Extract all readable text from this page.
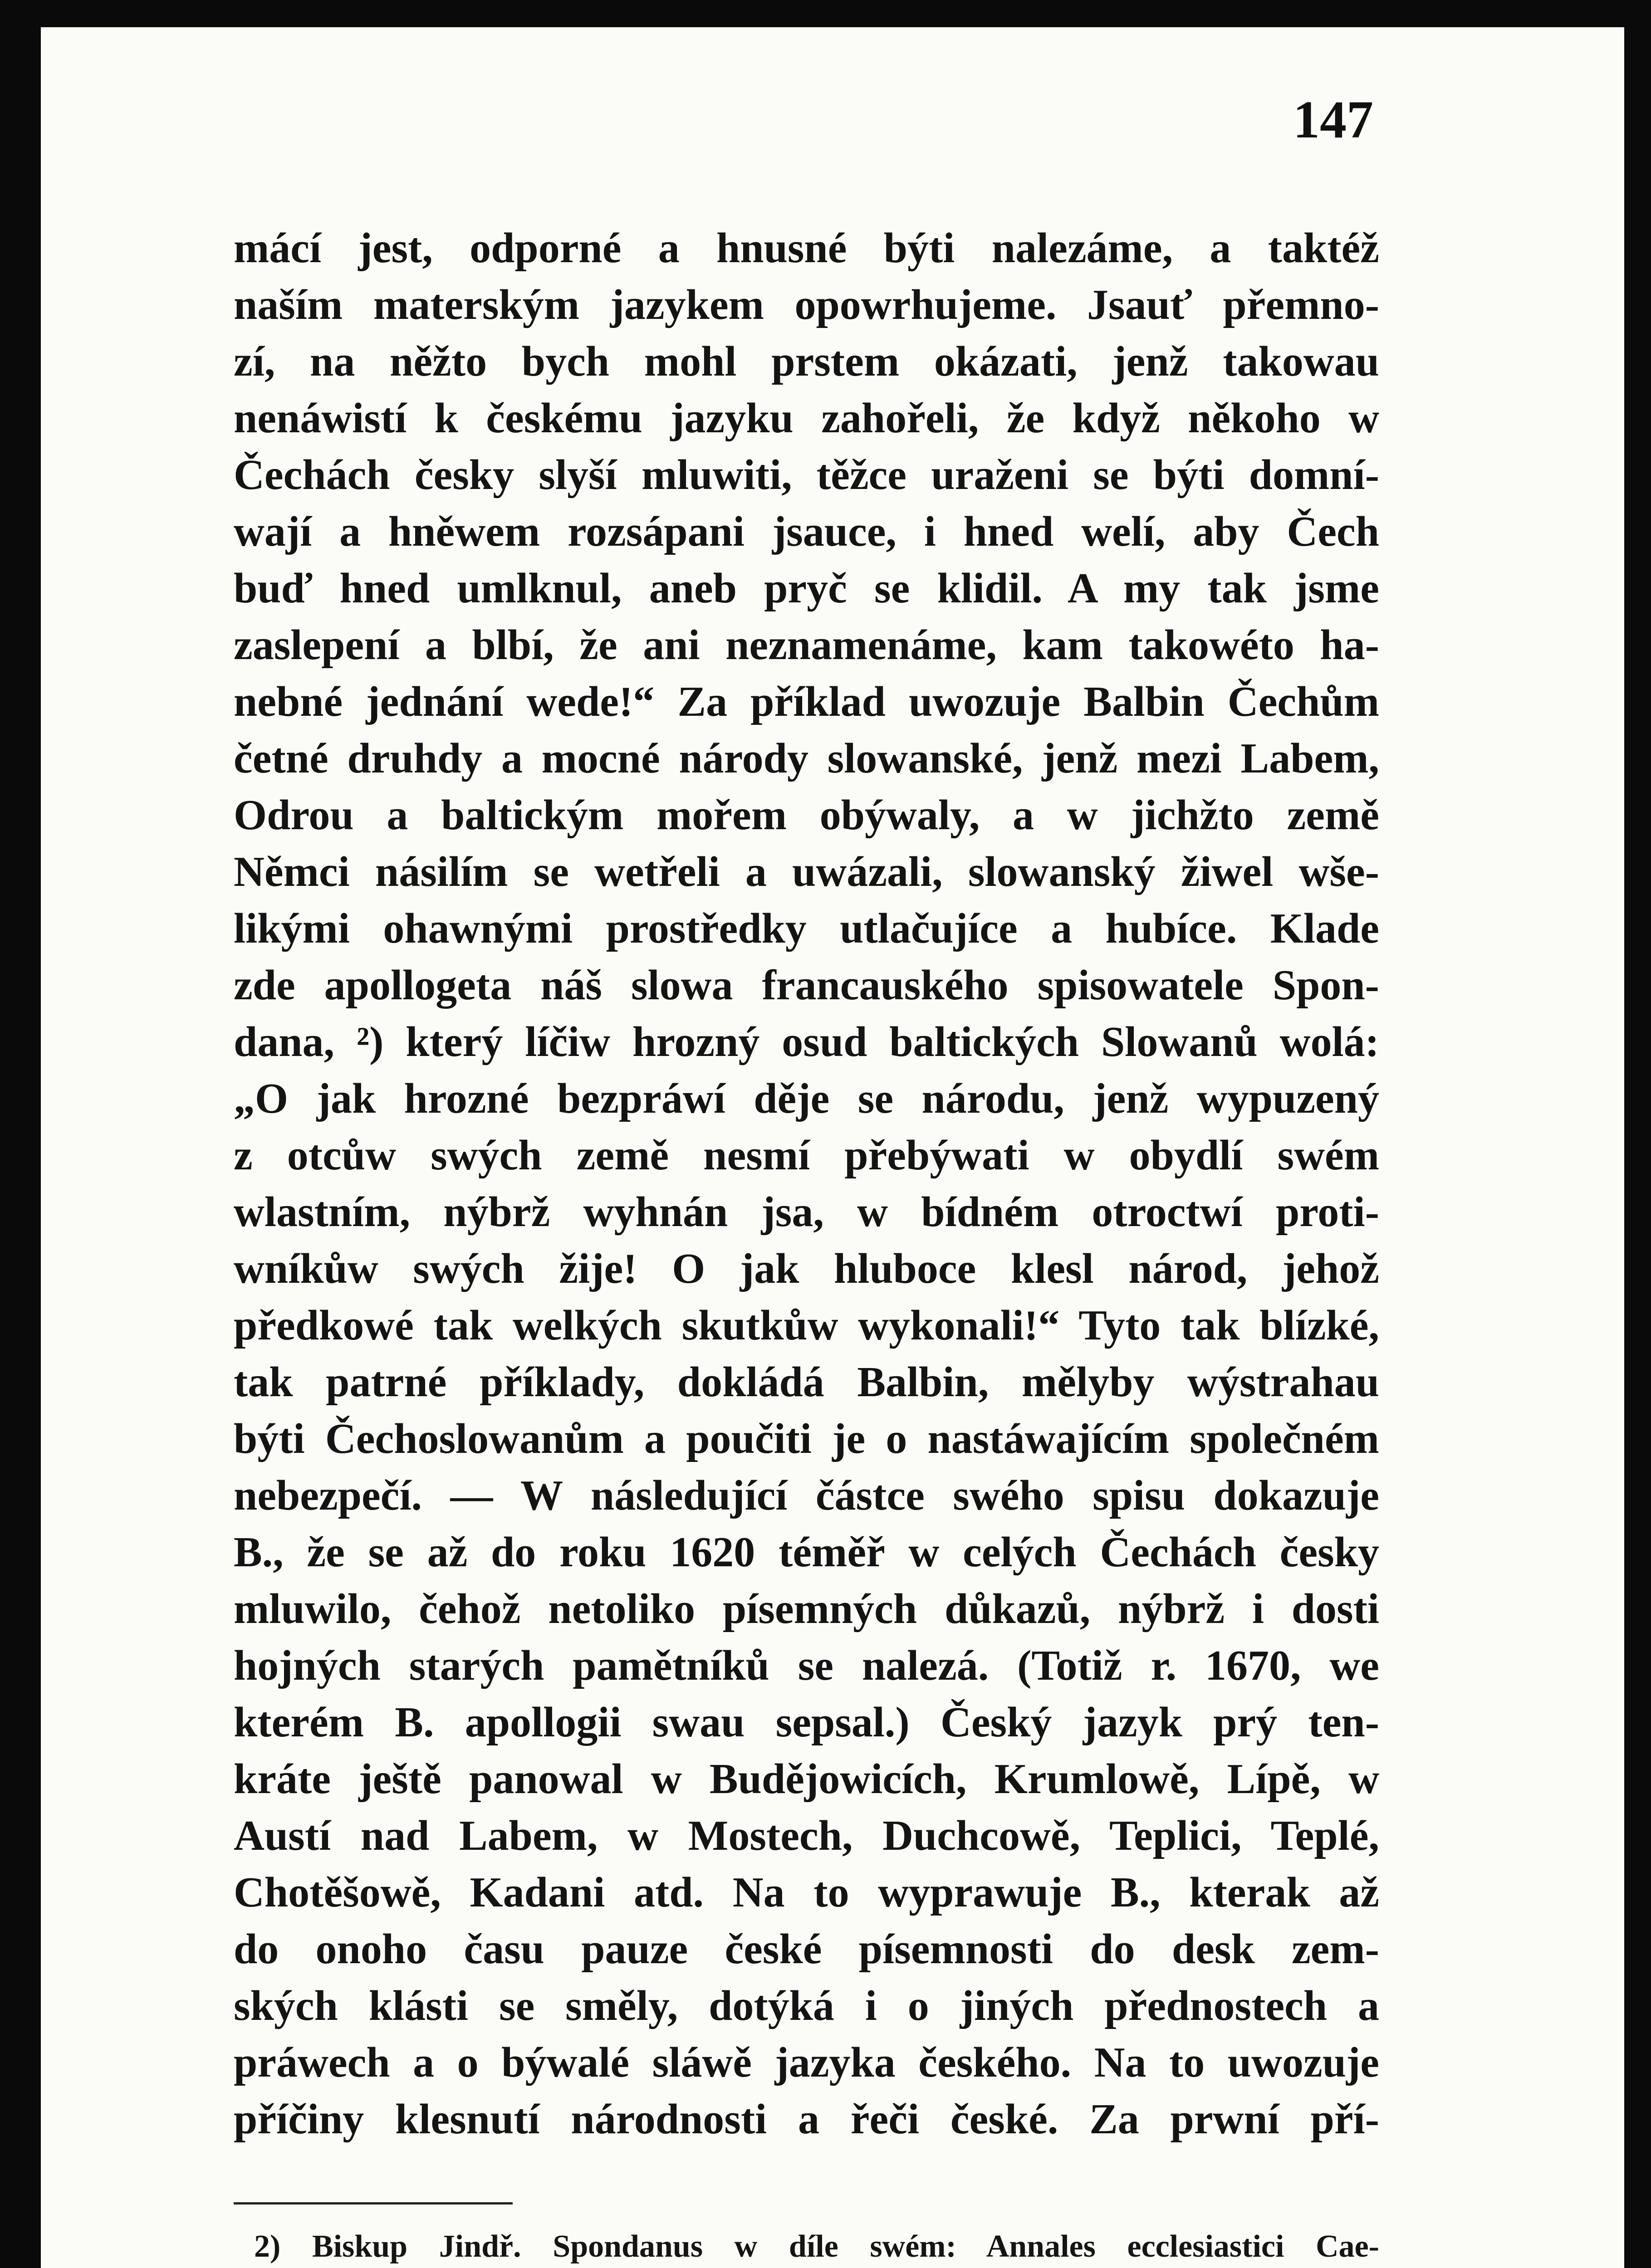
147
mácí jest, odporné a hnusné býti nalezáme, a taktéž
naším materským jazykem opowrhujeme. Jsauť přemno-
zí, na něžto bych mohl prstem okázati, jenž takowau
nenáwistí k českému jazyku zahořeli, že když někoho w
Čechách česky slyší mluwiti, těžce uraženi se býti domní-
wají a hněwem rozsápani jsauce, i hned welí, aby Čech
buď hned umlknul, aneb pryč se klidil. A my tak jsme
zaslepení a blbí, že ani neznamenáme, kam takowéto ha-
nebné jednání wede!“ Za příklad uwozuje Balbin Čechům
četné druhdy a mocné národy slowanské, jenž mezi Labem,
Odrou a baltickým mořem obýwaly, a w jichžto země
Němci násilím se wetřeli a uwázali, slowanský žiwel wše-
likými ohawnými prostředky utlačujíce a hubíce. Klade
zde apollogeta náš slowa francauského spisowatele Spon-
dana, ²) který líčiw hrozný osud baltických Slowanů wolá:
„O jak hrozné bezpráwí děje se národu, jenž wypuzený
z otcůw swých země nesmí přebýwati w obydlí swém
wlastním, nýbrž wyhnán jsa, w bídném otroctwí proti-
wníkůw swých žije! O jak hluboce klesl národ, jehož
předkowé tak welkých skutkůw wykonali!“ Tyto tak blízké,
tak patrné příklady, dokládá Balbin, mělyby wýstrahau
býti Čechoslowanům a poučiti je o nastáwajícím společném
nebezpečí. — W následující částce swého spisu dokazuje
B., že se až do roku 1620 téměř w celých Čechách česky
mluwilo, čehož netoliko písemných důkazů, nýbrž i dosti
hojných starých pamětníků se nalezá. (Totiž r. 1670, we
kterém B. apollogii swau sepsal.) Český jazyk prý ten-
kráte ještě panowal w Budějowicích, Krumlowě, Lípě, w
Austí nad Labem, w Mostech, Duchcowě, Teplici, Teplé,
Chotěšowě, Kadani atd. Na to wyprawuje B., kterak až
do onoho času pauze české písemnosti do desk zem-
ských klásti se směly, dotýká i o jiných přednostech a
práwech a o býwalé sláwě jazyka českého. Na to uwozuje
příčiny klesnutí národnosti a řeči české. Za prwní pří-
2) Biskup Jindř. Spondanus w díle swém: Annales ecclesiastici Cae-
